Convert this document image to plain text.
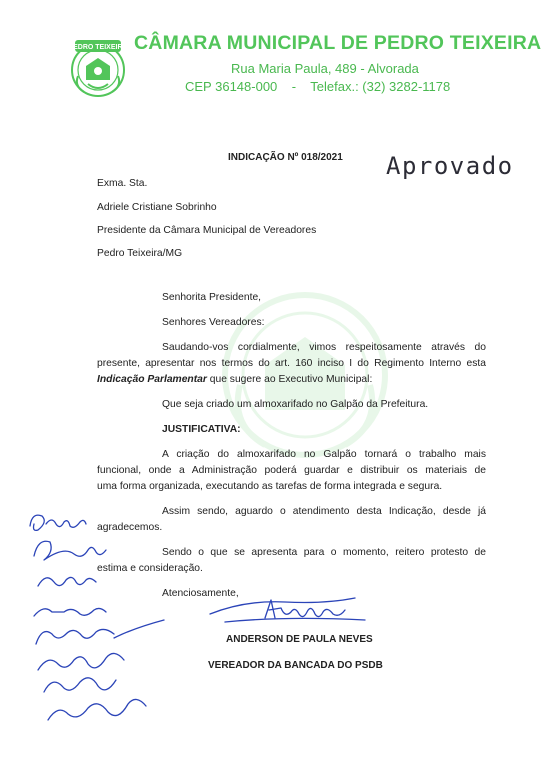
PEDRO TEIXEIRA CÂMARA MUNICIPAL DE PEDRO TEIXEIRA
Rua Maria Paula, 489 - Alvorada
CEP 36148-000    -    Telefax.: (32) 3282-1178
Aprovado
INDICAÇÃO Nº 018/2021
Exma. Sta.
Adriele Cristiane Sobrinho
Presidente da Câmara Municipal de Vereadores
Pedro Teixeira/MG

Senhorita Presidente,

Senhores Vereadores:

Saudando-vos cordialmente, vimos respeitosamente através do
presente, apresentar nos termos do art. 160 inciso I do Regimento Interno esta
Indicação Parlamentar que sugere ao Executivo Municipal:

Que seja criado um almoxarifado no Galpão da Prefeitura.

JUSTIFICATIVA:

A criação do almoxarifado no Galpão tornará o trabalho mais
funcional, onde a Administração poderá guardar e distribuir os materiais de
uma forma organizada, executando as tarefas de forma integrada e segura.

Assim sendo, aguardo o atendimento desta Indicação, desde já
agradecemos.

Sendo o que se apresenta para o momento, reitero protesto de
estima e consideração.

Atenciosamente,

ANDERSON DE PAULA NEVES
VEREADOR DA BANCADA DO PSDB
